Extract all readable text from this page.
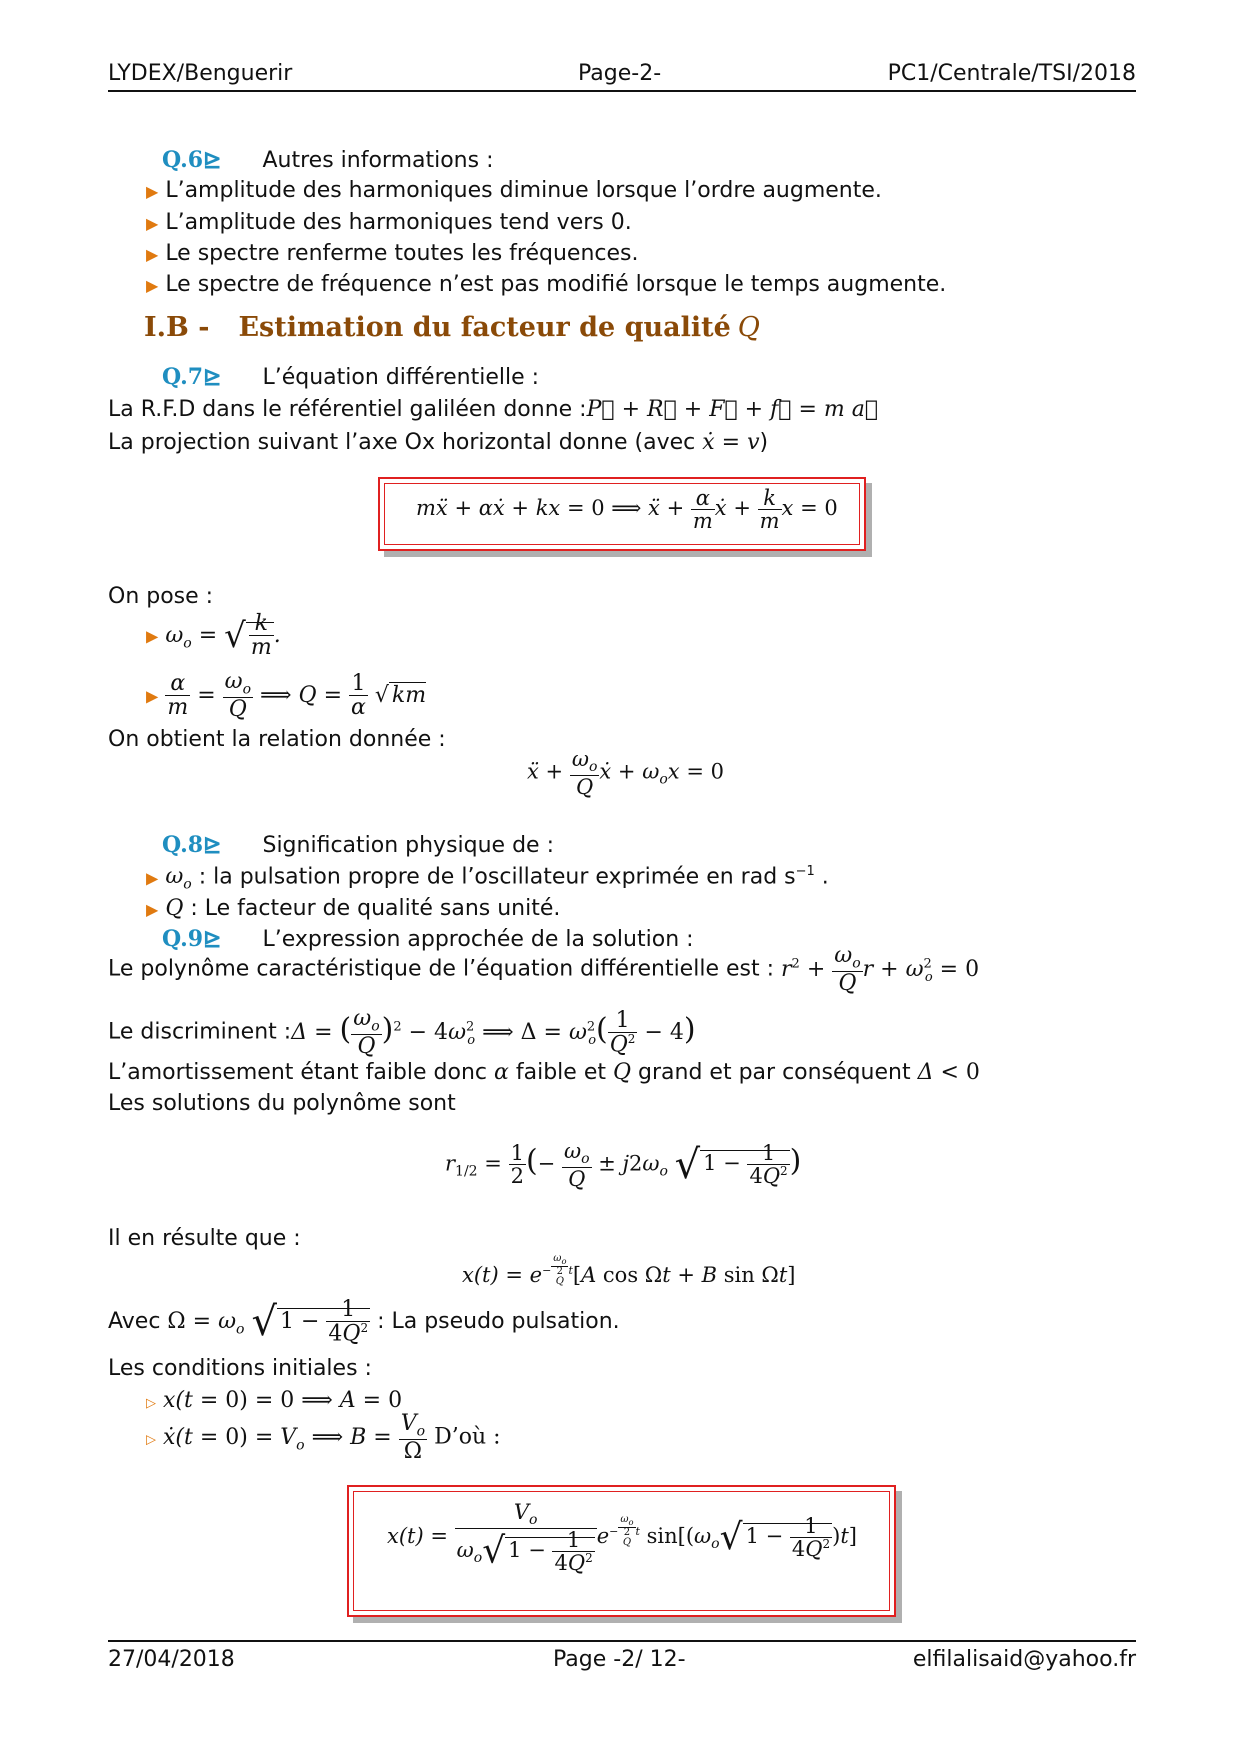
LYDEX/Benguerir	Page-2-	PC1/Centrale/TSI/2018
Q.6⊵ Autres informations :
▶ L’amplitude des harmoniques diminue lorsque l’ordre augmente.
▶ L’amplitude des harmoniques tend vers 0.
▶ Le spectre renferme toutes les fréquences.
▶ Le spectre de fréquence n’est pas modifié lorsque le temps augmente.
I.B - Estimation du facteur de qualité Q
Q.7⊵ L’équation différentielle :
La R.F.D dans le référentiel galiléen donne :P⃗ + R⃗ + F⃗ + f⃗ = m a⃗
La projection suivant l’axe Ox horizontal donne (avec ẋ = v)
mẍ + αẋ + kx = 0 ⟹ ẍ + $\frac{\alpha}{m}$ ẋ + $\frac{k}{m}$ x = 0
On pose :
▶ $\omega_o$ = √ $\frac{k}{m}$ .
▶ $\frac{\alpha}{m} = \frac{\omega_o}{Q}$ ⟹ $Q = \frac{1}{\alpha}$ √ km
On obtient la relation donnée :
ẍ + $\frac{\omega_o}{Q}$ ẋ + $\omega_ox = 0$
Q.8⊵ Signification physique de :
▶ $\omega_o$ : la pulsation propre de l’oscillateur exprimée en rad $s^{-1}$ .
▶ Q : Le facteur de qualité sans unité.
Q.9⊵ L’expression approchée de la solution :
Le polynôme caractéristique de l’équation différentielle est : $r^2 + \frac{\omega_o}{Q}$ $r + \omega^2_o = 0$
Le discriminent :Δ = ( $\frac{\omega_o}{Q} )^2 - 4\omega^2_o$ ⟹ $\Delta = \omega^2_o( \frac{1}{Q^2} - 4)$
L’amortissement étant faible donc α faible et Q grand et par conséquent Δ < 0
Les solutions du polynôme sont
$r_{1/2} = \frac{1}{2}$ (− $\frac{\omega_o}{Q} \pm j2\omega_o$ √ $1 - \frac{1}{4Q^2}$ )
Il en résulte que :
$x(t) = e^{- \omega_o 2 Q t}[A$ cos Ωt + B sin Ωt]
Avec $\Omega = \omega_o$ √ $1 - \frac{1}{4Q^2}$ : La pseudo pulsation.
Les conditions initiales :
▷ x(t = 0) = 0 ⟹ A = 0
▷ ẋ(t = $0) = V_o$ ⟹ $B = \frac{V_o}{\Omega}$ D’où :
$x(t) = \frac{V_o}{\omega_o√ 1 - \frac{1}{4Q^2}} e^{- \omega_o 2 Q t}$ $\sin[(\omega_o√$ $1 - \frac{1}{4Q^2} )t$]
27/04/2018	Page -2/ 12-	elfilalisaid@yahoo.fr
